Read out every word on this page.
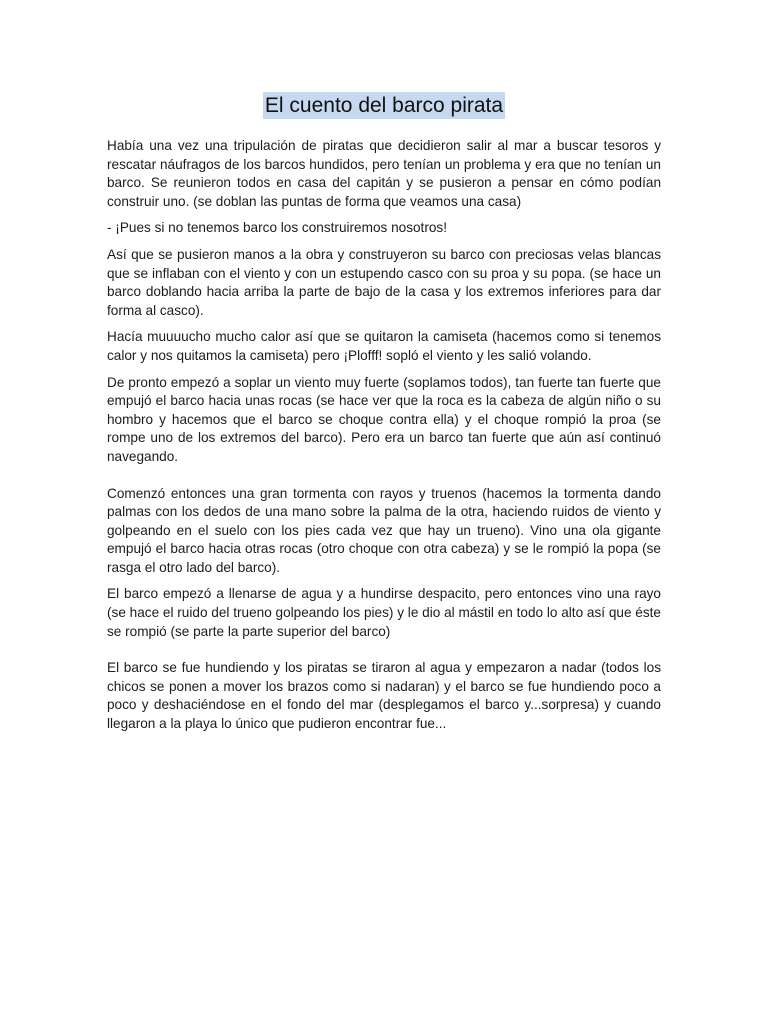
El cuento del barco pirata

Había una vez una tripulación de piratas que decidieron salir al mar a buscar tesoros y rescatar náufragos de los barcos hundidos, pero tenían un problema y era que no tenían un barco. Se reunieron todos en casa del capitán y se pusieron a pensar en cómo podían construir uno. (se doblan las puntas de forma que veamos una casa)

- ¡Pues si no tenemos barco los construiremos nosotros!

Así que se pusieron manos a la obra y construyeron su barco con preciosas velas blancas que se inflaban con el viento y con un estupendo casco con su proa y su popa. (se hace un barco doblando hacia arriba la parte de bajo de la casa y los extremos inferiores para dar forma al casco).

Hacía muuuucho mucho calor así que se quitaron la camiseta (hacemos como si tenemos calor y nos quitamos la camiseta) pero ¡Plofff! sopló el viento y les salió volando.

De pronto empezó a soplar un viento muy fuerte (soplamos todos), tan fuerte tan fuerte que empujó el barco hacia unas rocas (se hace ver que la roca es la cabeza de algún niño o su hombro y hacemos que el barco se choque contra ella) y el choque rompió la proa (se rompe uno de los extremos del barco). Pero era un barco tan fuerte que aún así continuó navegando.

Comenzó entonces una gran tormenta con rayos y truenos (hacemos la tormenta dando palmas con los dedos de una mano sobre la palma de la otra, haciendo ruidos de viento y golpeando en el suelo con los pies cada vez que hay un trueno). Vino una ola gigante empujó el barco hacia otras rocas (otro choque con otra cabeza) y se le rompió la popa (se rasga el otro lado del barco).

El barco empezó a llenarse de agua y a hundirse despacito, pero entonces vino una rayo (se hace el ruido del trueno golpeando los pies) y le dio al mástil en todo lo alto así que éste se rompió (se parte la parte superior del barco)

El barco se fue hundiendo y los piratas se tiraron al agua y empezaron a nadar (todos los chicos se ponen a mover los brazos como si nadaran) y el barco se fue hundiendo poco a poco y deshaciéndose en el fondo del mar (desplegamos el barco y...sorpresa) y cuando llegaron a la playa lo único que pudieron encontrar fue...
